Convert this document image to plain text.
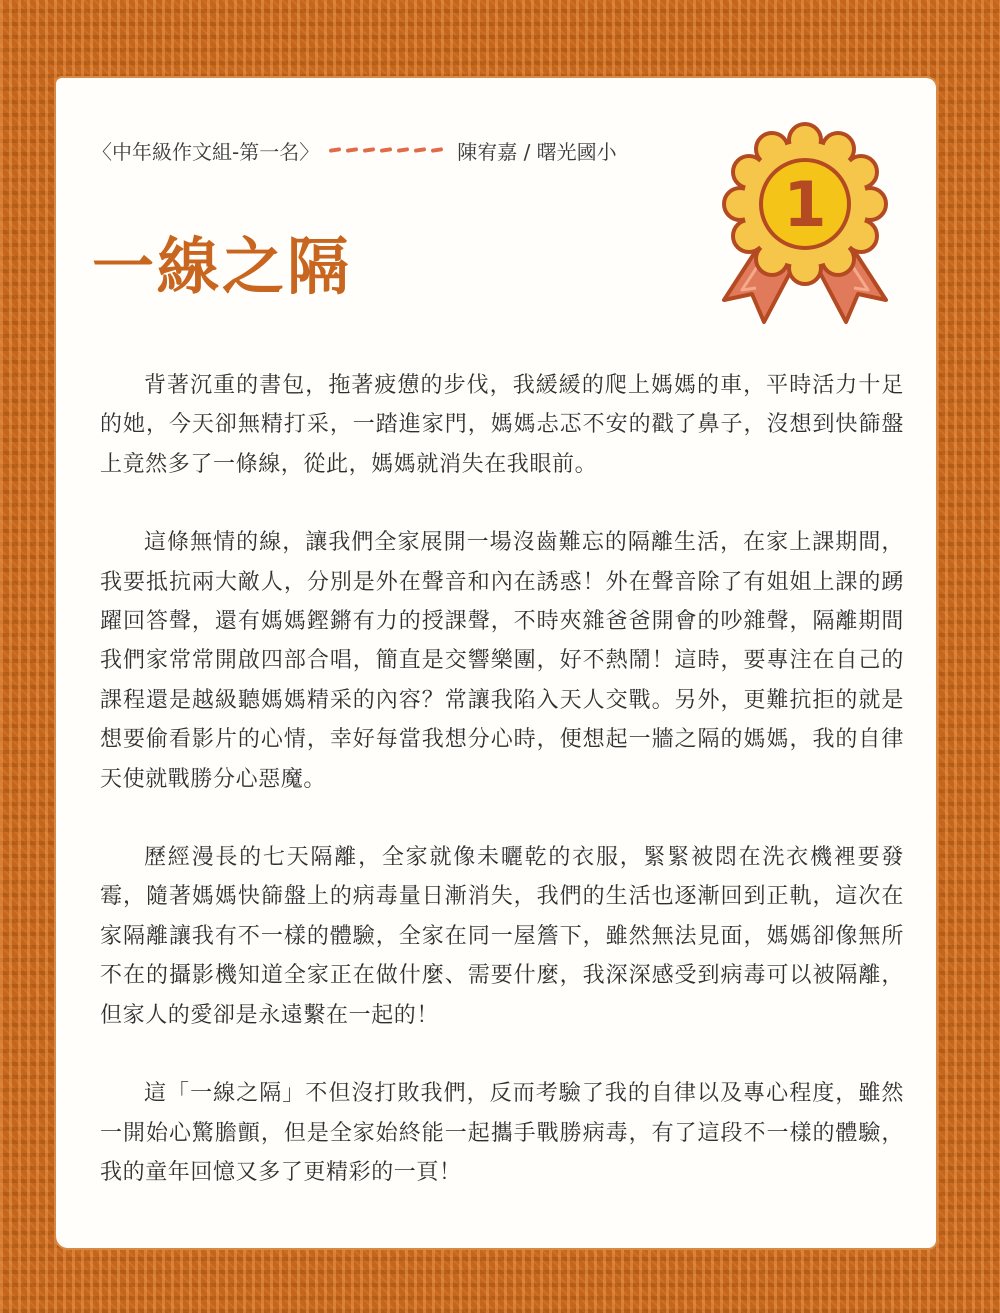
〈中年級作文組-第一名〉	陳宥嘉 / 曙光國小
一線之隔
1

背著沉重的書包，拖著疲憊的步伐，我緩緩的爬上媽媽的車，平時活力十足的她，今天卻無精打采，一踏進家門，媽媽忐忑不安的戳了鼻子，沒想到快篩盤上竟然多了一條線，從此，媽媽就消失在我眼前。

這條無情的線，讓我們全家展開一場沒齒難忘的隔離生活，在家上課期間，我要抵抗兩大敵人，分別是外在聲音和內在誘惑！外在聲音除了有姐姐上課的踴躍回答聲，還有媽媽鏗鏘有力的授課聲，不時夾雜爸爸開會的吵雜聲，隔離期間我們家常常開啟四部合唱，簡直是交響樂團，好不熱鬧！這時，要專注在自己的課程還是越級聽媽媽精采的內容？常讓我陷入天人交戰。另外，更難抗拒的就是想要偷看影片的心情，幸好每當我想分心時，便想起一牆之隔的媽媽，我的自律天使就戰勝分心惡魔。

歷經漫長的七天隔離，全家就像未曬乾的衣服，緊緊被悶在洗衣機裡要發霉，隨著媽媽快篩盤上的病毒量日漸消失，我們的生活也逐漸回到正軌，這次在家隔離讓我有不一樣的體驗，全家在同一屋簷下，雖然無法見面，媽媽卻像無所不在的攝影機知道全家正在做什麼、需要什麼，我深深感受到病毒可以被隔離，但家人的愛卻是永遠繫在一起的！

這「一線之隔」不但沒打敗我們，反而考驗了我的自律以及專心程度，雖然一開始心驚膽顫，但是全家始終能一起攜手戰勝病毒，有了這段不一樣的體驗，我的童年回憶又多了更精彩的一頁！
